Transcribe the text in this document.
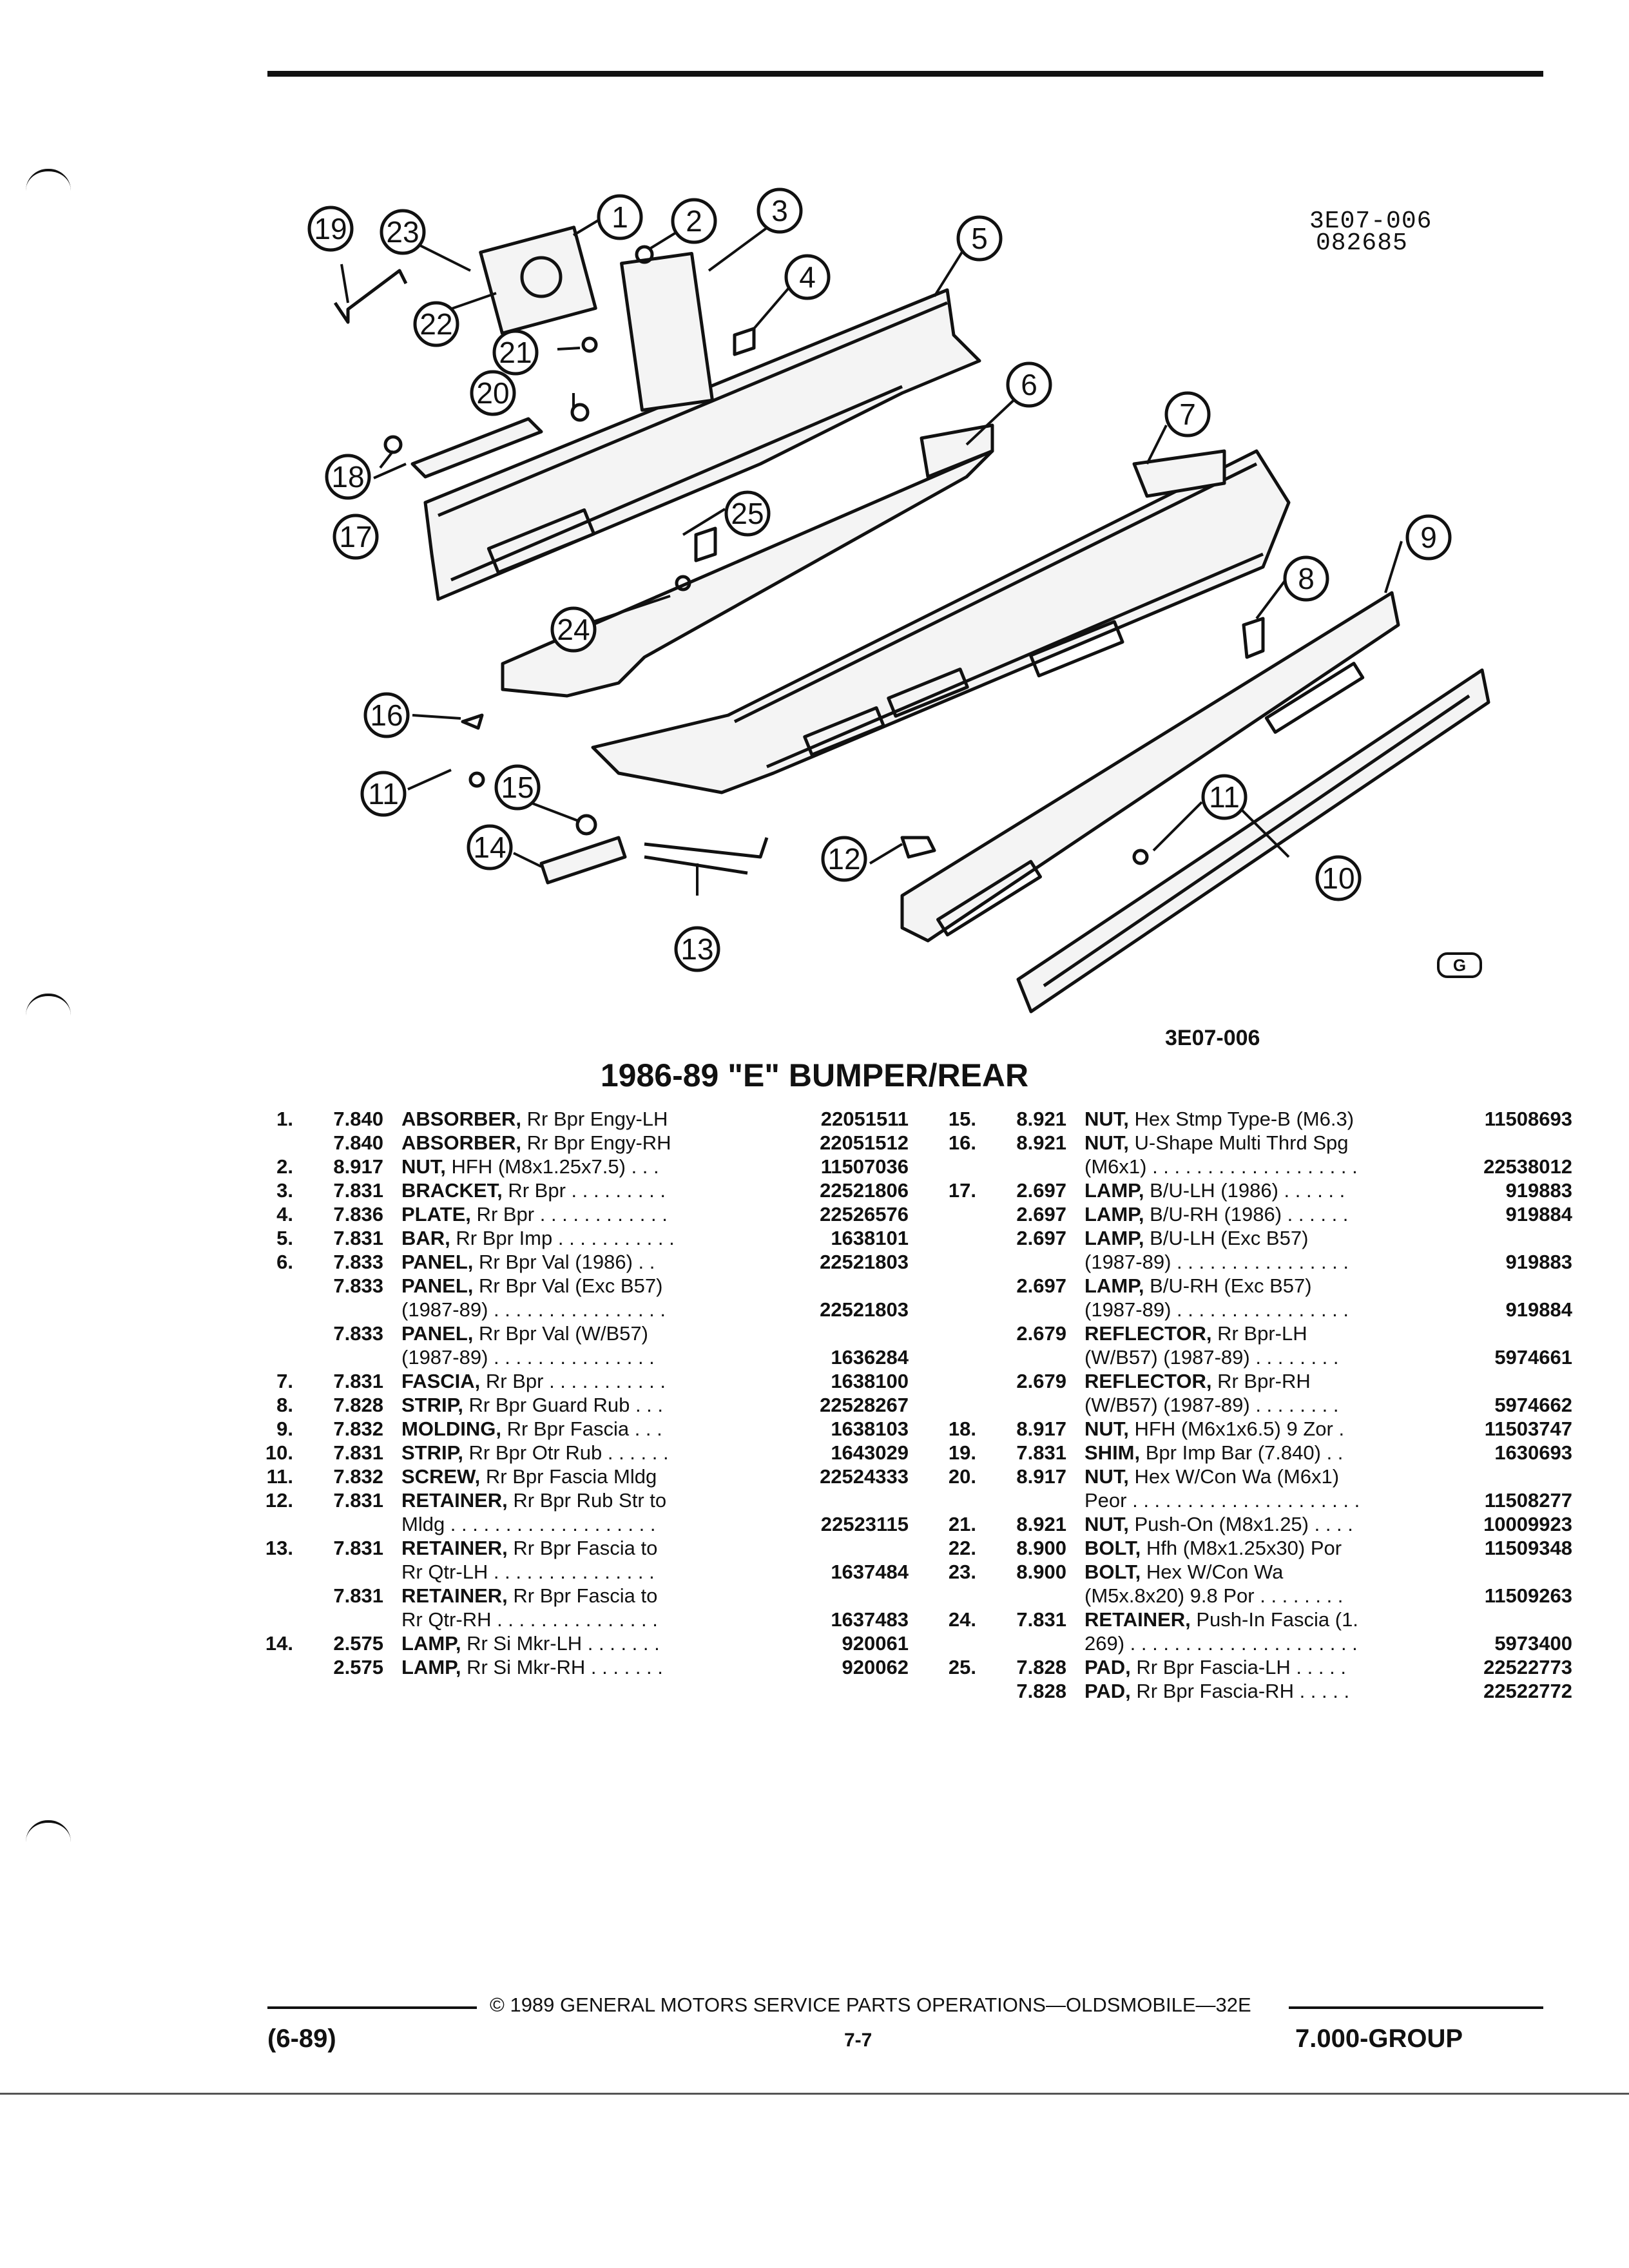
1 2 3
4
5
6
7
8
9
10
11	11
12
13
14
15
16
17
18
19
20
21
22
23
24
25
3E07-006
082685
3E07-006
G
1986-89 "E" BUMPER/REAR
1.	7.840 ABSORBER, Rr Bpr Engy-LH	22051511
7.840 ABSORBER, Rr Bpr Engy-RH	22051512
2.	8.917 NUT, HFH (M8x1.25x7.5) . . .	11507036
3.	7.831 BRACKET, Rr Bpr . . . . . . . . .	22521806
4.	7.836 PLATE, Rr Bpr . . . . . . . . . . . .	22526576
5.	7.831 BAR, Rr Bpr Imp . . . . . . . . . . .	1638101
6.	7.833 PANEL, Rr Bpr Val (1986) . .	22521803
7.833 PANEL, Rr Bpr Val (Exc B57)
(1987-89) . . . . . . . . . . . . . . . .	22521803
7.833 PANEL, Rr Bpr Val (W/B57)
(1987-89) . . . . . . . . . . . . . . .	1636284
7.	7.831 FASCIA, Rr Bpr . . . . . . . . . . .	1638100
8.	7.828 STRIP, Rr Bpr Guard Rub . . .	22528267
9.	7.832 MOLDING, Rr Bpr Fascia . . .	1638103
10.	7.831 STRIP, Rr Bpr Otr Rub . . . . . .	1643029
11.	7.832 SCREW, Rr Bpr Fascia Mldg	22524333
12.	7.831 RETAINER, Rr Bpr Rub Str to
Mldg . . . . . . . . . . . . . . . . . . .	22523115
13.	7.831 RETAINER, Rr Bpr Fascia to
Rr Qtr-LH . . . . . . . . . . . . . . .	1637484
7.831 RETAINER, Rr Bpr Fascia to
Rr Qtr-RH . . . . . . . . . . . . . . .	1637483
14.	2.575 LAMP, Rr Si Mkr-LH . . . . . . .	920061
2.575 LAMP, Rr Si Mkr-RH . . . . . . .	920062
15.	8.921 NUT, Hex Stmp Type-B (M6.3)	11508693
16.	8.921 NUT, U-Shape Multi Thrd Spg
(M6x1) . . . . . . . . . . . . . . . . . . .	22538012
17.	2.697 LAMP, B/U-LH (1986) . . . . . .	919883
2.697 LAMP, B/U-RH (1986) . . . . . .	919884
2.697 LAMP, B/U-LH (Exc B57)
(1987-89) . . . . . . . . . . . . . . . .	919883
2.697 LAMP, B/U-RH (Exc B57)
(1987-89) . . . . . . . . . . . . . . . .	919884
2.679 REFLECTOR, Rr Bpr-LH
(W/B57) (1987-89) . . . . . . . .	5974661
2.679 REFLECTOR, Rr Bpr-RH
(W/B57) (1987-89) . . . . . . . .	5974662
18.	8.917 NUT, HFH (M6x1x6.5) 9 Zor .	11503747
19.	7.831 SHIM, Bpr Imp Bar (7.840) . .	1630693
20.	8.917 NUT, Hex W/Con Wa (M6x1)
Peor . . . . . . . . . . . . . . . . . . . . .	11508277
21.	8.921 NUT, Push-On (M8x1.25) . . . .	10009923
22.	8.900 BOLT, Hfh (M8x1.25x30) Por	11509348
23.	8.900 BOLT, Hex W/Con Wa
(M5x.8x20) 9.8 Por . . . . . . . .	11509263
24.	7.831 RETAINER, Push-In Fascia (1.
269) . . . . . . . . . . . . . . . . . . . . .	5973400
25.	7.828 PAD, Rr Bpr Fascia-LH . . . . .	22522773
7.828 PAD, Rr Bpr Fascia-RH . . . . .	22522772
© 1989 GENERAL MOTORS SERVICE PARTS OPERATIONS—OLDSMOBILE—32E
(6-89)	7-7	7.000-GROUP
